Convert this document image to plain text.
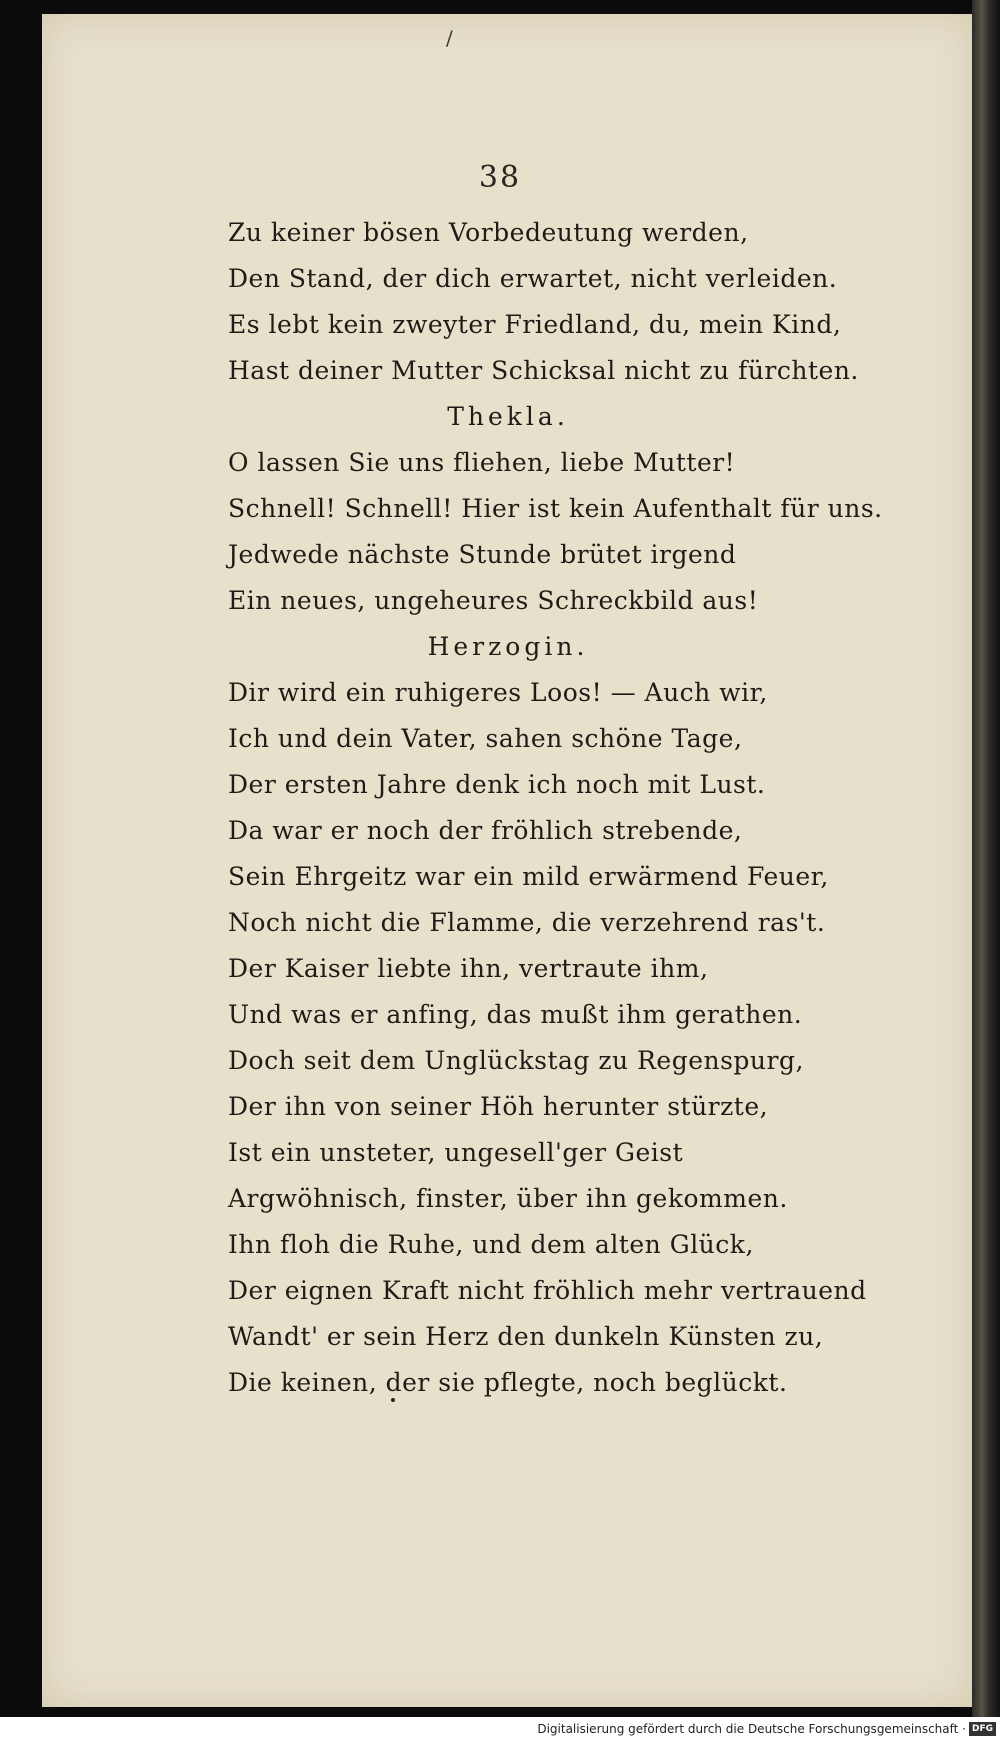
/
38
Zu keiner bösen Vorbedeutung werden,
Den Stand, der dich erwartet, nicht verleiden.
Es lebt kein zweyter Friedland, du, mein Kind,
Hast deiner Mutter Schicksal nicht zu fürchten.
Thekla.
O lassen Sie uns fliehen, liebe Mutter!
Schnell! Schnell! Hier ist kein Aufenthalt für uns.
Jedwede nächste Stunde brütet irgend
Ein neues, ungeheures Schreckbild aus!
Herzogin.
Dir wird ein ruhigeres Loos! — Auch wir,
Ich und dein Vater, sahen schöne Tage,
Der ersten Jahre denk ich noch mit Lust.
Da war er noch der fröhlich strebende,
Sein Ehrgeitz war ein mild erwärmend Feuer,
Noch nicht die Flamme, die verzehrend ras't.
Der Kaiser liebte ihn, vertraute ihm,
Und was er anfing, das mußt ihm gerathen.
Doch seit dem Unglückstag zu Regenspurg,
Der ihn von seiner Höh herunter stürzte,
Ist ein unsteter, ungesell'ger Geist
Argwöhnisch, finster, über ihn gekommen.
Ihn floh die Ruhe, und dem alten Glück,
Der eignen Kraft nicht fröhlich mehr vertrauend
Wandt' er sein Herz den dunkeln Künsten zu,
Die keinen, der sie pflegte, noch beglückt.
Digitalisierung gefördert durch die Deutsche Forschungsgemeinschaft · DFG
